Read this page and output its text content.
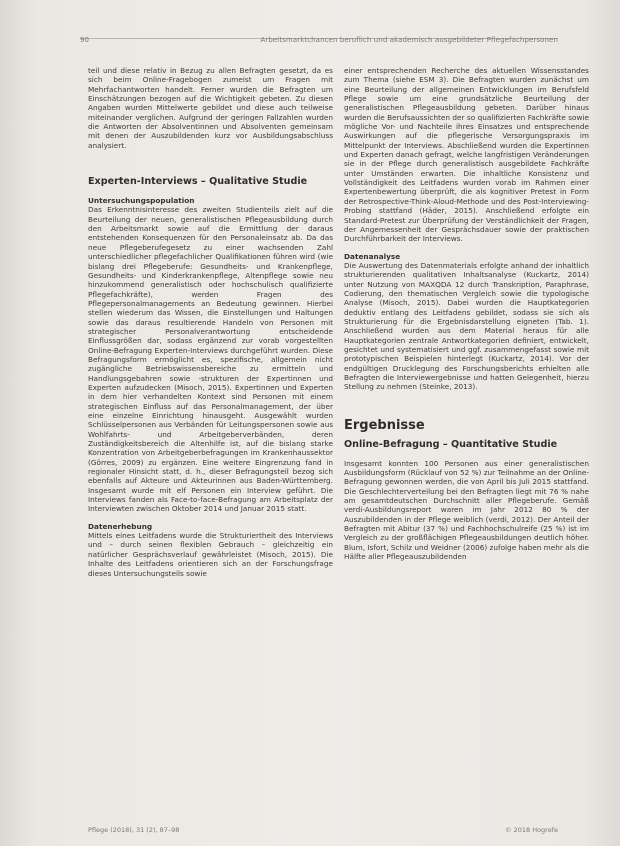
90	Arbeitsmarktchancen beruflich und akademisch ausgebildeter Pflegefachpersonen

teil und diese relativ in Bezug zu allen Befragten gesetzt, da es sich beim Online-Fragebogen zumeist um Fragen mit Mehrfachantworten handelt. Ferner wurden die Befragten um Einschätzungen bezogen auf die Wichtigkeit gebeten. Zu diesen Angaben wurden Mittelwerte gebildet und diese auch teilweise miteinander verglichen. Aufgrund der geringen Fallzahlen wurden die Antworten der Absolventinnen und Absolventen gemeinsam mit denen der Auszubildenden kurz vor Ausbildungsabschluss analysiert.

Experten-Interviews – Qualitative Studie
Untersuchungspopulation

Das Erkenntnisinteresse des zweiten Studienteils zielt auf die Beurteilung der neuen, generalistischen Pflegeausbildung durch den Arbeitsmarkt sowie auf die Ermittlung der daraus entstehenden Konsequenzen für den Personaleinsatz ab. Da das neue Pflegeberufegesetz zu einer wachsenden Zahl unterschiedlicher pflegefachlicher Qualifikationen führen wird (wie bislang drei Pflegeberufe: Gesundheits- und Krankenpflege, Gesundheits- und Kinderkrankenpflege, Altenpflege sowie neu hinzukommend generalistisch oder hochschulisch qualifizierte Pflegefachkräfte), werden Fragen des Pflegepersonalmanagements an Bedeutung gewinnen. Hierbei stellen wiederum das Wissen, die Einstellungen und Haltungen sowie das daraus resultierende Handeln von Personen mit strategischer Personalverantwortung entscheidende Einflussgrößen dar, sodass ergänzend zur vorab vorgestellten Online-Befragung Experten-Interviews durchgeführt wurden. Diese Befragungsform ermöglicht es, spezifische, allgemein nicht zugängliche Betriebswissensbereiche zu ermitteln und Handlungsgebahren sowie -strukturen der Expertinnen und Experten aufzudecken (Misoch, 2015). Expertinnen und Experten in dem hier verhandelten Kontext sind Personen mit einem strategischen Einfluss auf das Personalmanagement, der über eine einzelne Einrichtung hinausgeht. Ausgewählt wurden Schlüsselpersonen aus Verbänden für Leitungspersonen sowie aus Wohlfahrts- und Arbeitgeberverbänden, deren Zuständigkeitsbereich die Altenhilfe ist, auf die bislang starke Konzentration von Arbeitgeberbefragungen im Krankenhaussektor (Görres, 2009) zu ergänzen. Eine weitere Eingrenzung fand in regionaler Hinsicht statt, d. h., dieser Befragungsteil bezog sich ebenfalls auf Akteure und Akteurinnen aus Baden-Württemberg. Insgesamt wurde mit elf Personen ein Interview geführt. Die Interviews fanden als Face-to-face-Befragung am Arbeitsplatz der Interviewten zwischen Oktober 2014 und Januar 2015 statt.

Datenerhebung

Mittels eines Leitfadens wurde die Strukturiertheit des Interviews und – durch seinen flexiblen Gebrauch – gleichzeitig ein natürlicher Gesprächsverlauf gewährleistet (Misoch, 2015). Die Inhalte des Leitfadens orientieren sich an der Forschungsfrage dieses Untersuchungsteils sowie

einer entsprechenden Recherche des aktuellen Wissensstandes zum Thema (siehe ESM 3). Die Befragten wurden zunächst um eine Beurteilung der allgemeinen Entwicklungen im Berufsfeld Pflege sowie um eine grundsätzliche Beurteilung der generalistischen Pflegeausbildung gebeten. Darüber hinaus wurden die Berufsaussichten der so qualifizierten Fachkräfte sowie mögliche Vor- und Nachteile ihres Einsatzes und entsprechende Auswirkungen auf die pflegerische Versorgungspraxis im Mittelpunkt der Interviews. Abschließend wurden die Expertinnen und Experten danach gefragt, welche langfristigen Veränderungen sie in der Pflege durch generalistisch ausgebildete Fachkräfte unter Umständen erwarten. Die inhaltliche Konsistenz und Vollständigkeit des Leitfadens wurden vorab im Rahmen einer Expertenbewertung überprüft, die als kognitiver Pretest in Form der Retrospective-Think-Aloud-Methode und des Post-Interviewing-Probing stattfand (Häder, 2015). Anschließend erfolgte ein Standard-Pretest zur Überprüfung der Verständlichkeit der Fragen, der Angemessenheit der Gesprächsdauer sowie der praktischen Durchführbarkeit der Interviews.

Datenanalyse

Die Auswertung des Datenmaterials erfolgte anhand der inhaltlich strukturierenden qualitativen Inhaltsanalyse (Kuckartz, 2014) unter Nutzung von MAXQDA 12 durch Transkription, Paraphrase, Codierung, den thematischen Vergleich sowie die typologische Analyse (Misoch, 2015). Dabei wurden die Hauptkategorien deduktiv entlang des Leitfadens gebildet, sodass sie sich als Strukturierung für die Ergebnisdarstellung eigneten (Tab. 1). Anschließend wurden aus dem Material heraus für alle Hauptkategorien zentrale Antwortkategorien definiert, entwickelt, gesichtet und systematisiert und ggf. zusammengefasst sowie mit prototypischen Beispielen hinterlegt (Kuckartz, 2014). Vor der endgültigen Drucklegung des Forschungsberichts erhielten alle Befragten die Interviewergebnisse und hatten Gelegenheit, hierzu Stellung zu nehmen (Steinke, 2013).

Ergebnisse
Online-Befragung – Quantitative Studie

Insgesamt konnten 100 Personen aus einer generalistischen Ausbildungsform (Rücklauf von 52 %) zur Teilnahme an der Online-Befragung gewonnen werden, die von April bis Juli 2015 stattfand. Die Geschlechterverteilung bei den Befragten liegt mit 76 % nahe am gesamtdeutschen Durchschnitt aller Pflegeberufe. Gemäß verdi-Ausbildungsreport waren im Jahr 2012 80 % der Auszubildenden in der Pflege weiblich (verdi, 2012). Der Anteil der Befragten mit Abitur (37 %) und Fachhochschulreife (25 %) ist im Vergleich zu der großflächigen Pflegeausbildungen deutlich höher. Blum, Isfort, Schilz und Weidner (2006) zufolge haben mehr als die Hälfte aller Pflegeauszubildenden

Pflege (2018), 31 (2), 87–98	© 2018 Hogrefe
